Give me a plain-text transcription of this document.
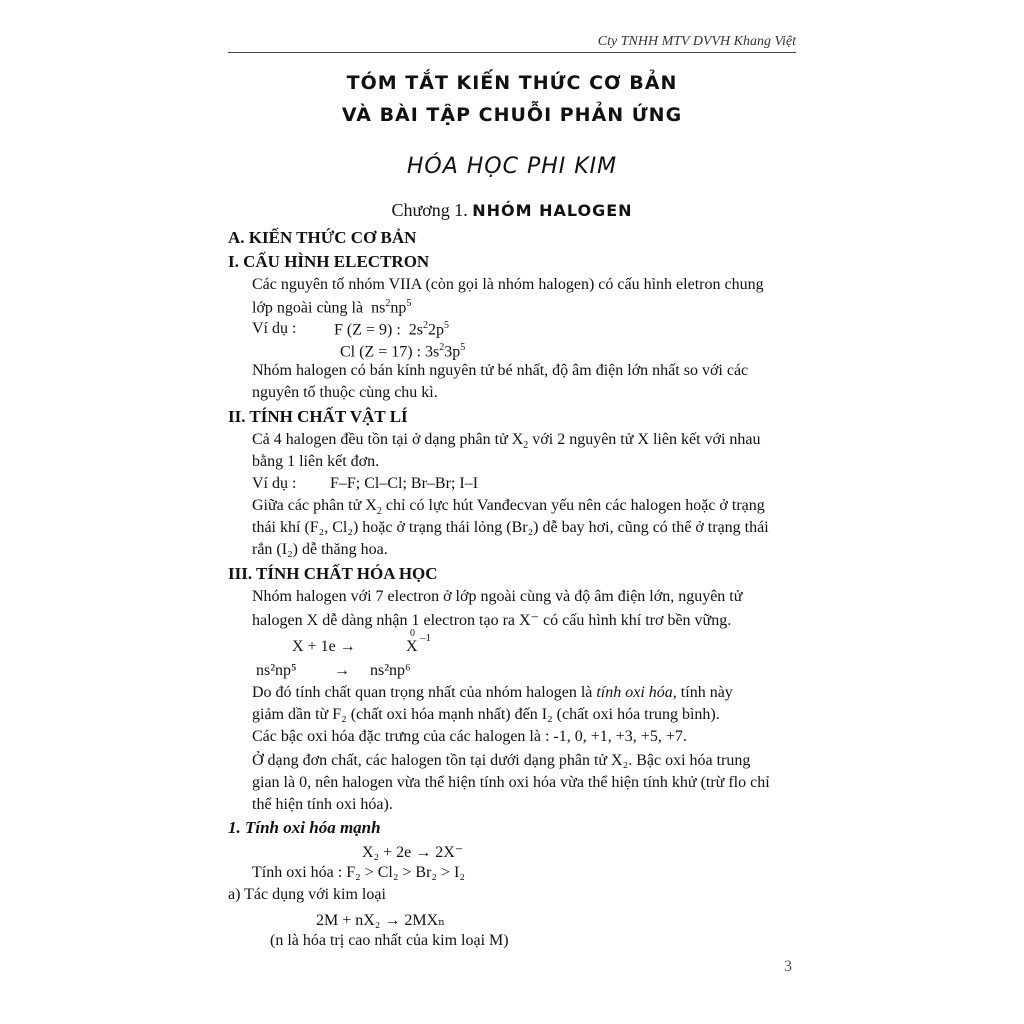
Cty TNHH MTV DVVH Khang Việt
TÓM TẮT KIẾN THỨC CƠ BẢN
VÀ BÀI TẬP CHUỖI PHẢN ỨNG
HÓA HỌC PHI KIM
Chương 1. NHÓM HALOGEN
A. KIẾN THỨC CƠ BẢN
I. CẤU HÌNH ELECTRON
Các nguyên tố nhóm VIIA (còn gọi là nhóm halogen) có cấu hình eletron chung
lớp ngoài cùng là  $ns^2np^5$
Ví dụ : F (Z = 9) :  $2s^22p^5$
Cl (Z = 17) : $3s^23p^5$
Nhóm halogen có bán kính nguyên tử bé nhất, độ âm điện lớn nhất so với các
nguyên tố thuộc cùng chu kì.
II. TÍNH CHẤT VẬT LÍ
Cả 4 halogen đều tồn tại ở dạng phân tử $X_2$ với 2 nguyên tử X liên kết với nhau
bằng 1 liên kết đơn.
Ví dụ : F–F; Cl–Cl; Br–Br; I–I
Giữa các phân tử $X_2$ chỉ có lực hút Vanđecvan yếu nên các halogen hoặc ở trạng
thái khí (F₂, Cl₂) hoặc ở trạng thái lỏng (Br₂) dễ bay hơi, cũng có thể ở trạng thái
rắn (I₂) dễ thăng hoa.
III. TÍNH CHẤT HÓA HỌC
Nhóm halogen với 7 electron ở lớp ngoài cùng và độ âm điện lớn, nguyên tử
halogen X dễ dàng nhận 1 electron tạo ra X⁻ có cấu hình khí trơ bền vững.
X + 1e →	X
0 –1
ns²np⁵ → ns²np⁶
Do đó tính chất quan trọng nhất của nhóm halogen là tính oxi hóa, tính này
giảm dần từ F₂ (chất oxi hóa mạnh nhất) đến I₂ (chất oxi hóa trung bình).
Các bậc oxi hóa đặc trưng của các halogen là : -1, 0, +1, +3, +5, +7.
Ở dạng đơn chất, các halogen tồn tại dưới dạng phân tử X₂. Bậc oxi hóa trung
gian là 0, nên halogen vừa thể hiện tính oxi hóa vừa thể hiện tính khử (trừ flo chỉ
thể hiện tính oxi hóa).
1. Tính oxi hóa mạnh
X₂ + 2e → 2X⁻
Tính oxi hóa : F₂ > Cl₂ > Br₂ > I₂
a) Tác dụng với kim loại
2M + nX₂ → 2MXₙ
(n là hóa trị cao nhất của kim loại M)
3
